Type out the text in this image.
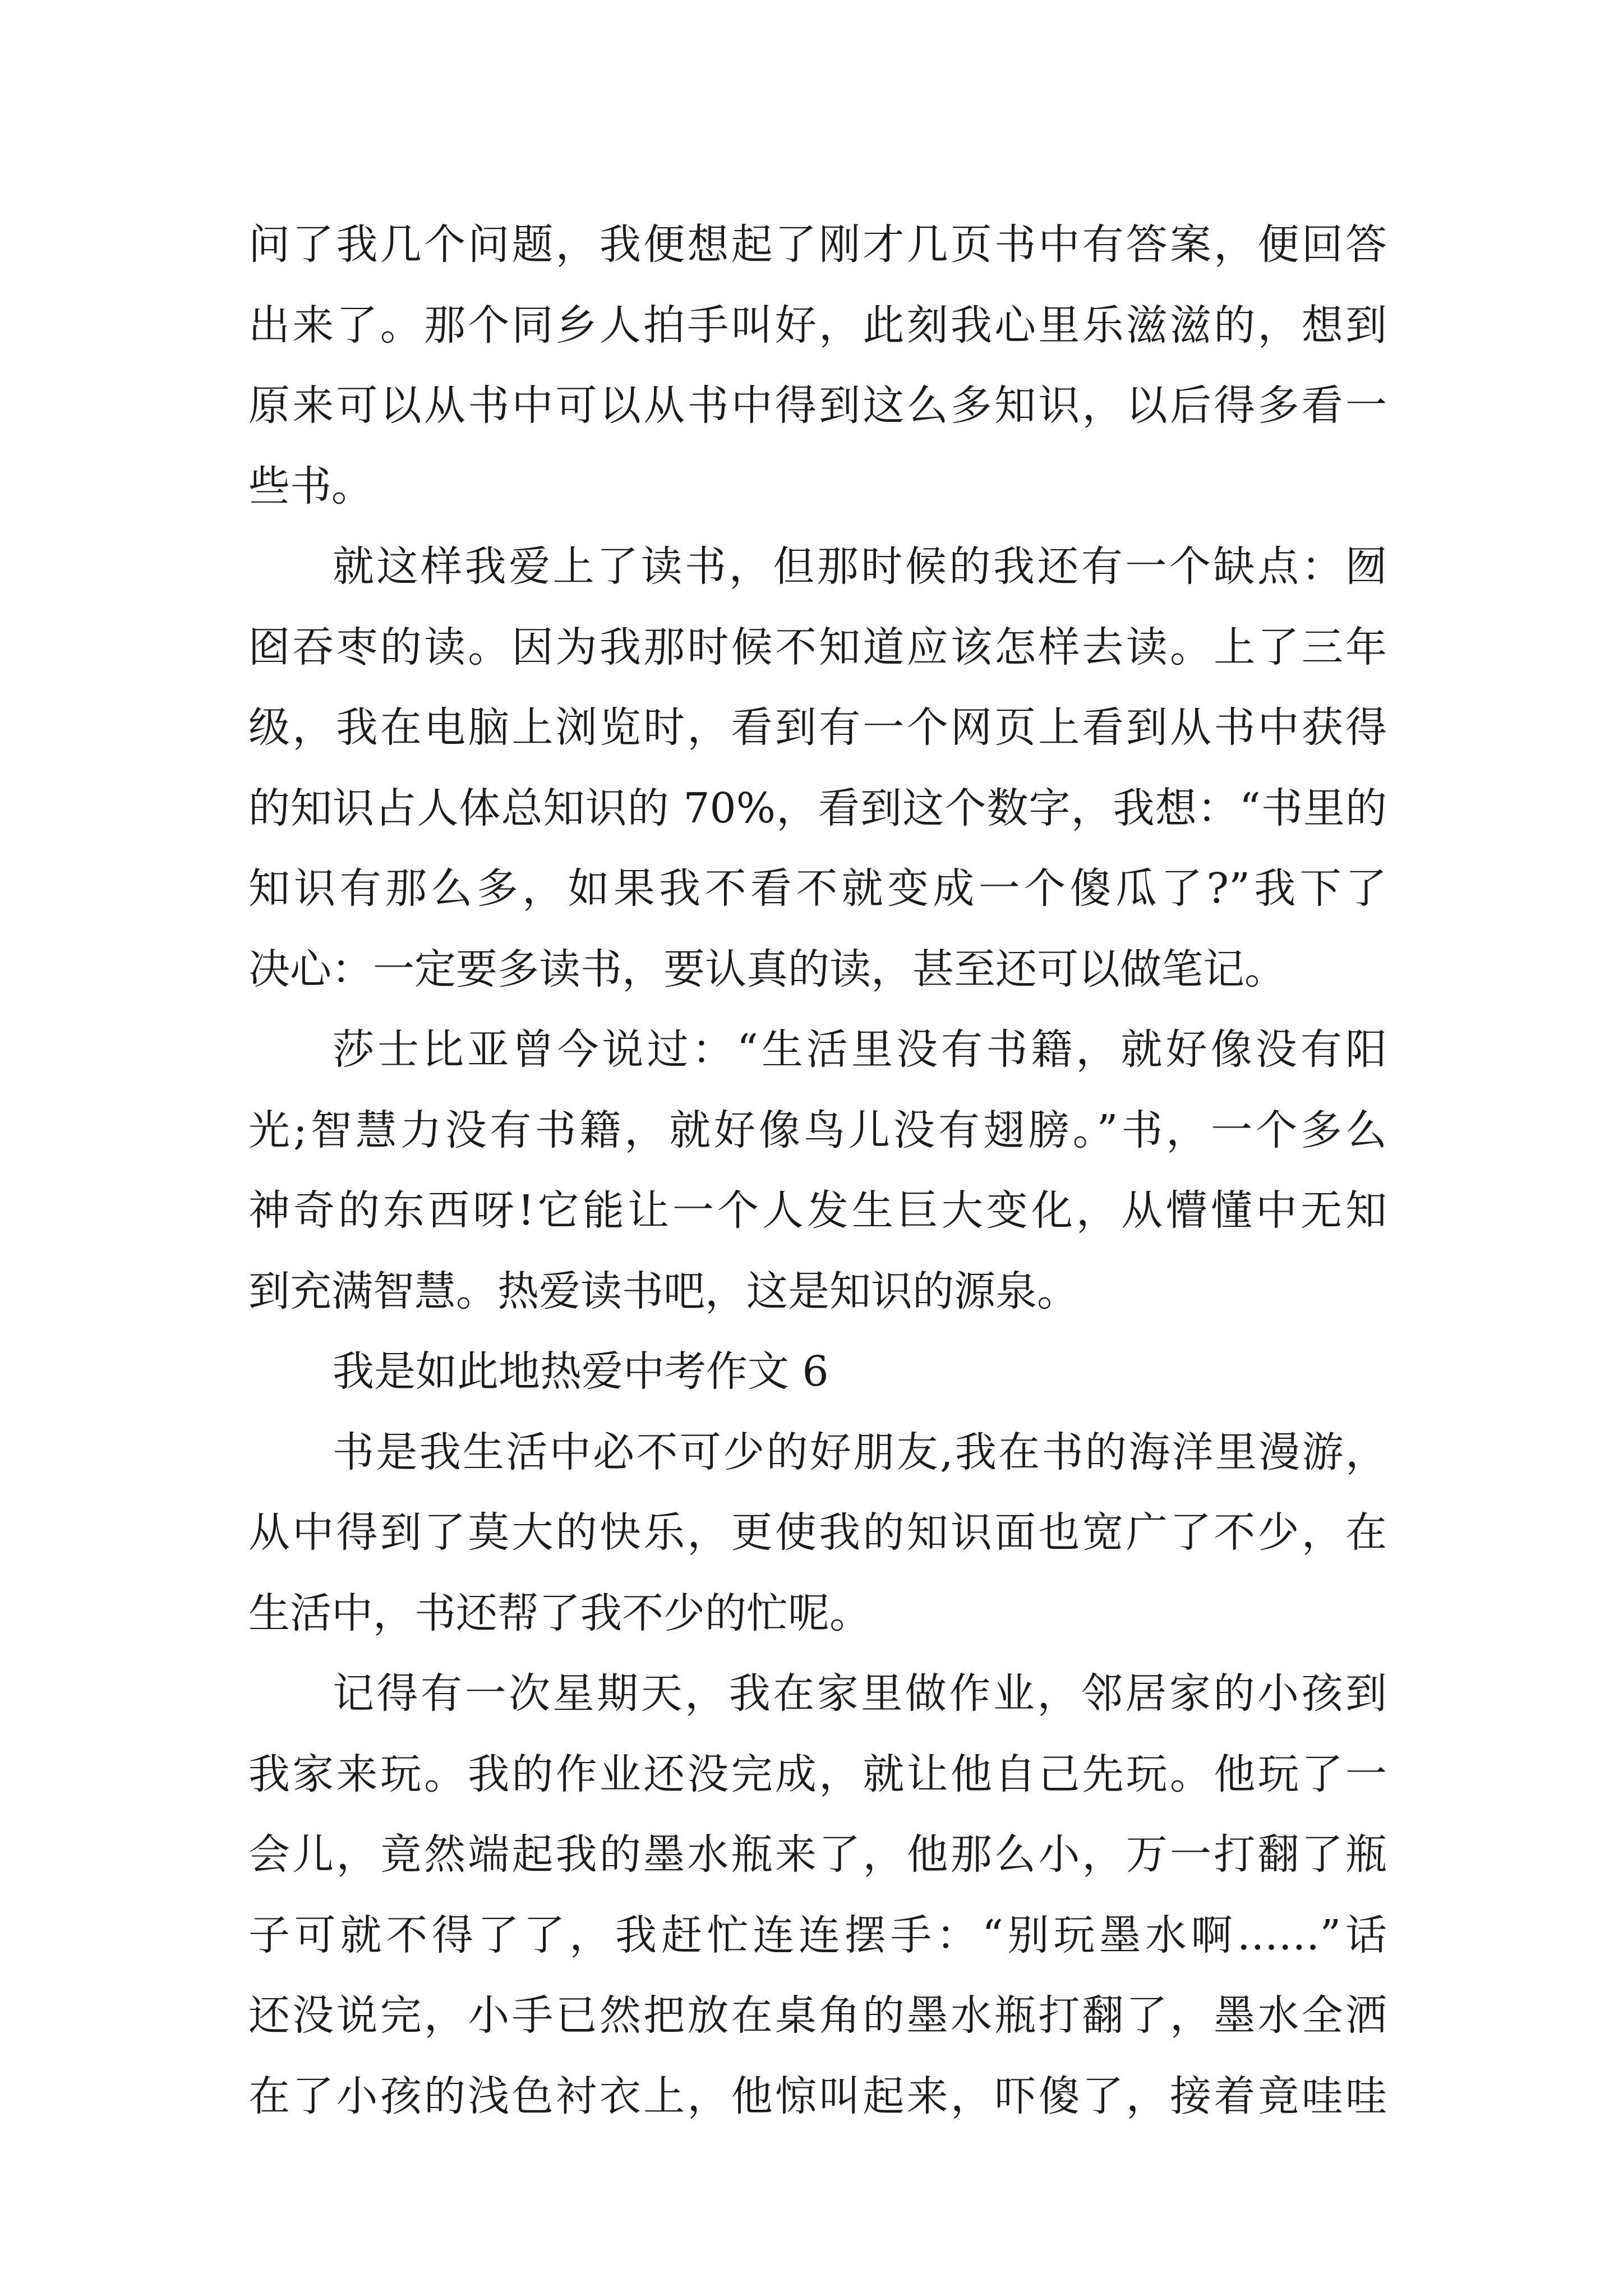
问了我几个问题，我便想起了刚才几页书中有答案，便回答
出来了。那个同乡人拍手叫好，此刻我心里乐滋滋的，想到
原来可以从书中可以从书中得到这么多知识，以后得多看一
些书。
就这样我爱上了读书，但那时候的我还有一个缺点：囫
囵吞枣的读。因为我那时候不知道应该怎样去读。上了三年
级，我在电脑上浏览时，看到有一个网页上看到从书中获得
的知识占人体总知识的 70%，看到这个数字，我想：“书里的
知识有那么多，如果我不看不就变成一个傻瓜了?”我下了
决心：一定要多读书，要认真的读，甚至还可以做笔记。
莎士比亚曾今说过：“生活里没有书籍，就好像没有阳
光;智慧力没有书籍，就好像鸟儿没有翅膀。”书，一个多么
神奇的东西呀!它能让一个人发生巨大变化，从懵懂中无知
到充满智慧。热爱读书吧，这是知识的源泉。
我是如此地热爱中考作文 6
书是我生活中必不可少的好朋友,我在书的海洋里漫游，
从中得到了莫大的快乐，更使我的知识面也宽广了不少，在
生活中，书还帮了我不少的忙呢。
记得有一次星期天，我在家里做作业，邻居家的小孩到
我家来玩。我的作业还没完成，就让他自己先玩。他玩了一
会儿，竟然端起我的墨水瓶来了，他那么小，万一打翻了瓶
子可就不得了了，我赶忙连连摆手：“别玩墨水啊……”话
还没说完，小手已然把放在桌角的墨水瓶打翻了，墨水全洒
在了小孩的浅色衬衣上，他惊叫起来，吓傻了，接着竟哇哇
